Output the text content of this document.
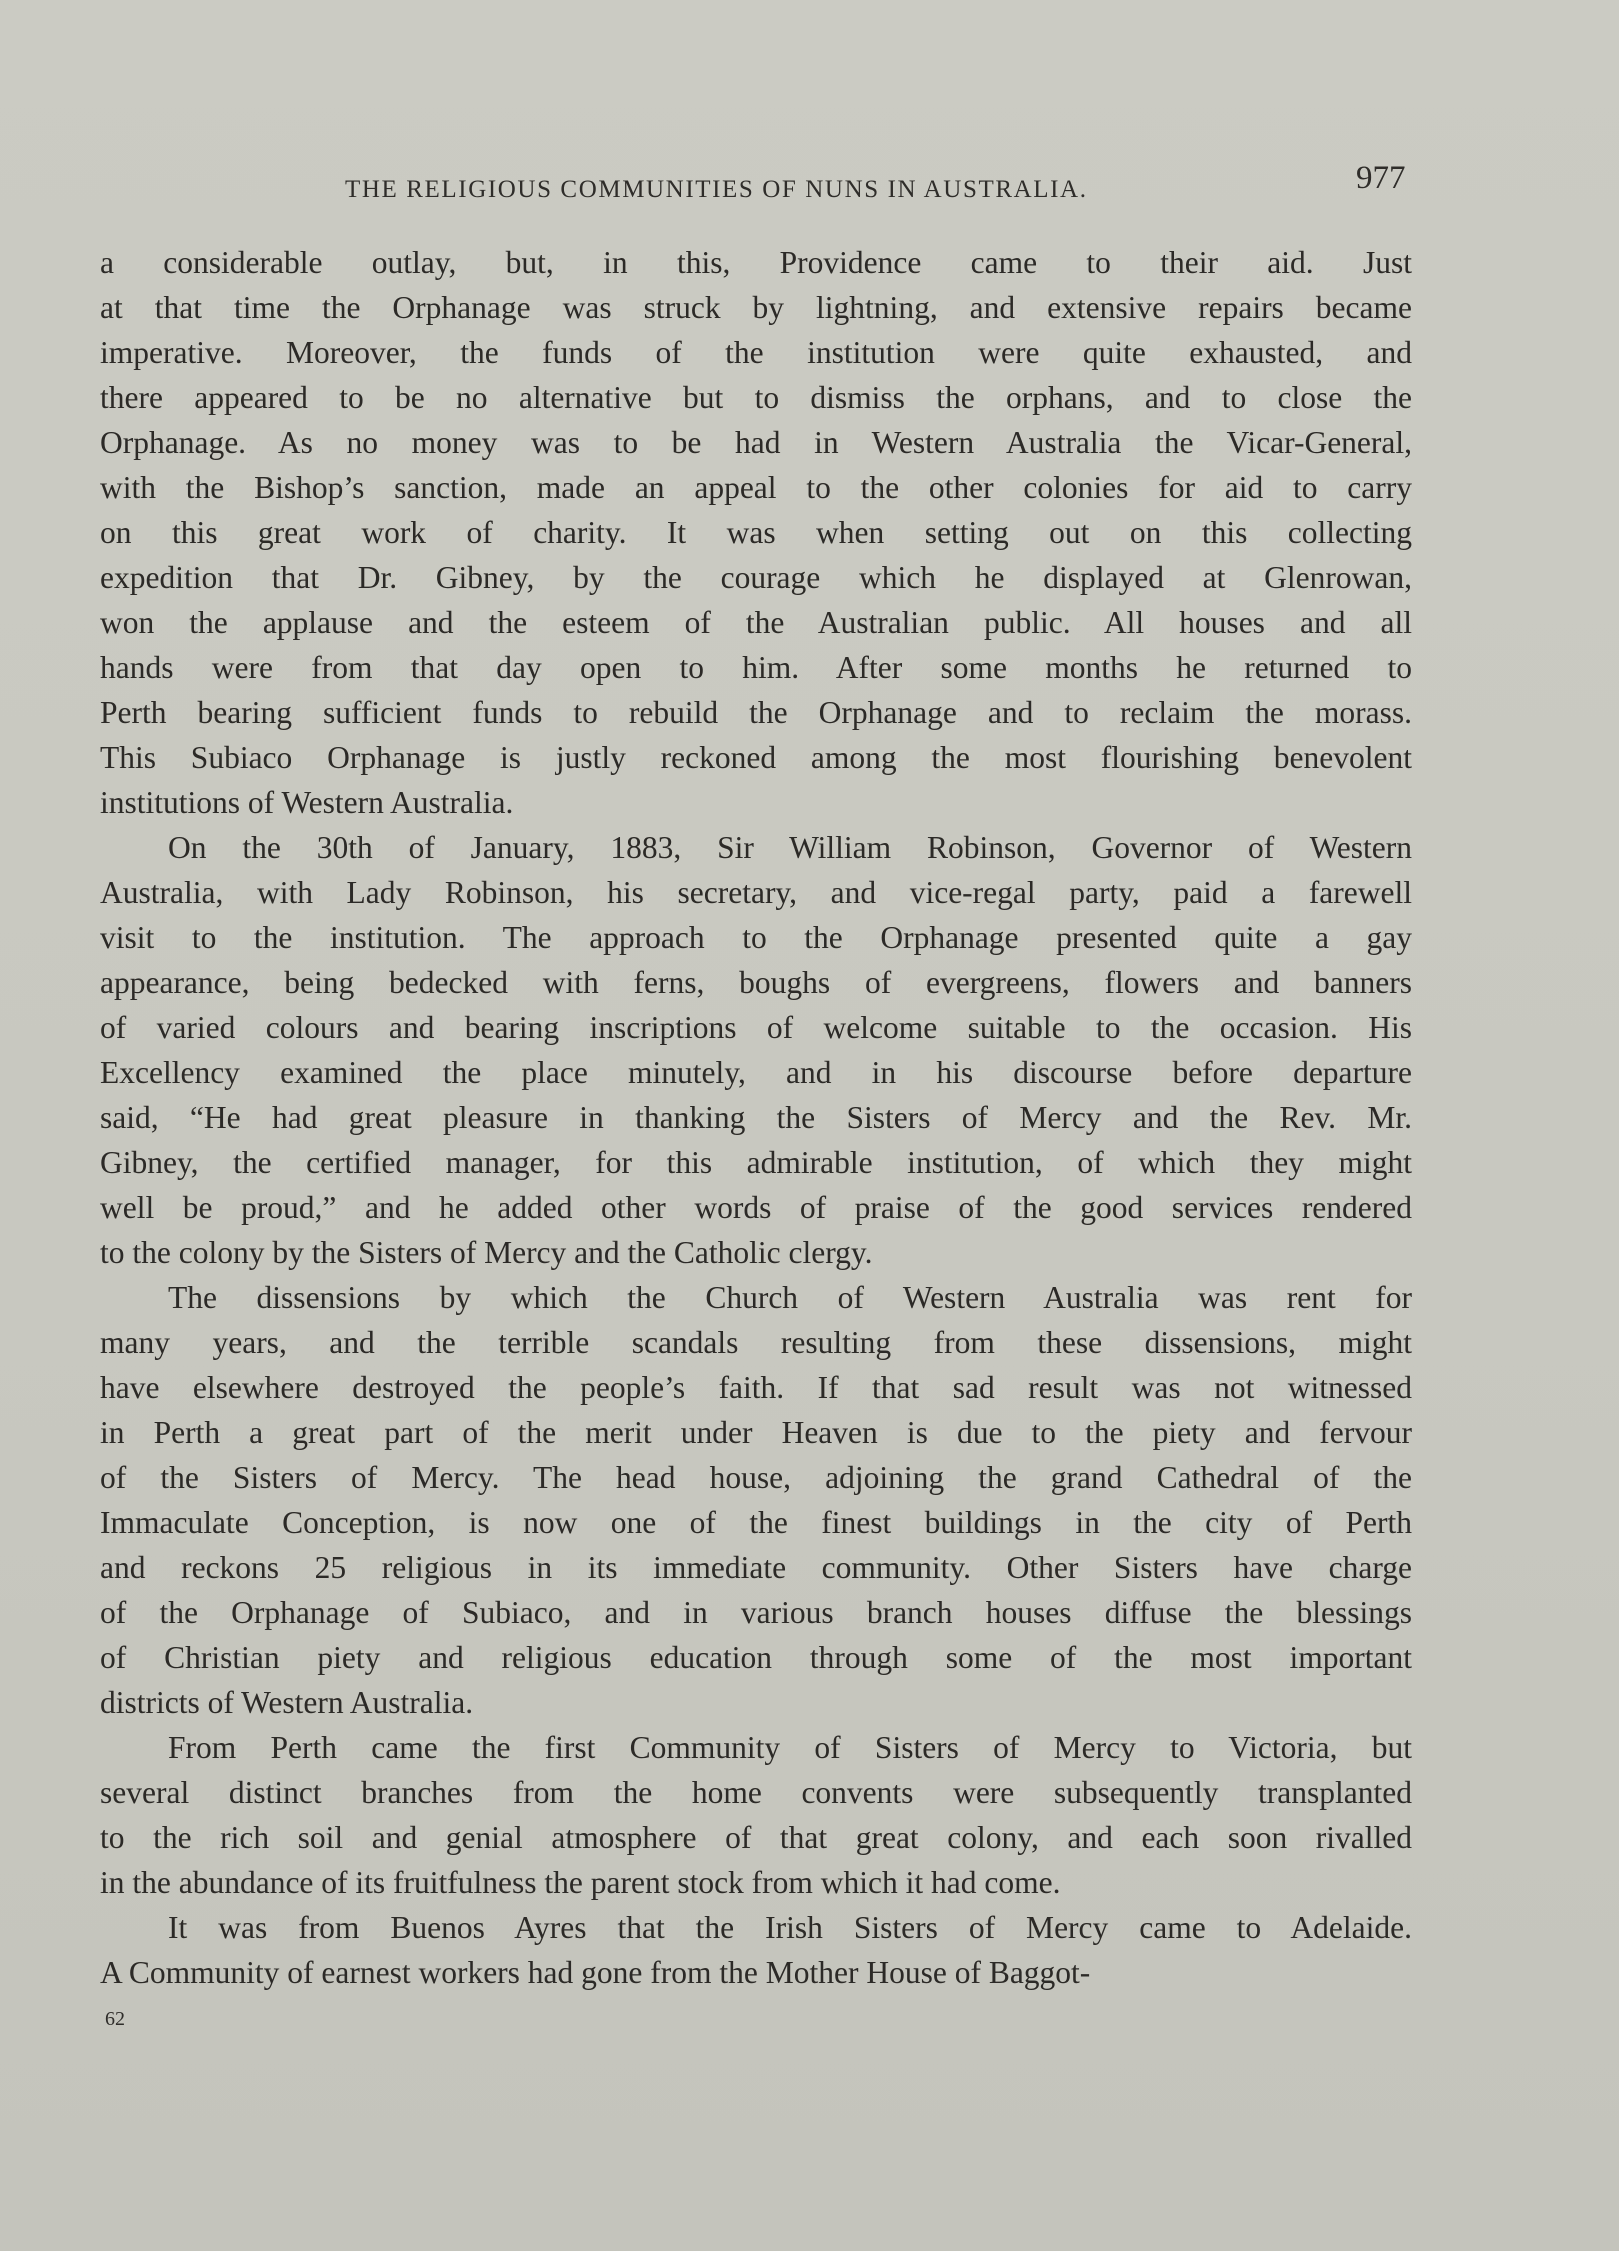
THE RELIGIOUS COMMUNITIES OF NUNS IN AUSTRALIA.	977

a considerable outlay, but, in this, Providence came to their aid. Just
at that time the Orphanage was struck by lightning, and extensive repairs became
imperative. Moreover, the funds of the institution were quite exhausted, and
there appeared to be no alternative but to dismiss the orphans, and to close the
Orphanage. As no money was to be had in Western Australia the Vicar-General,
with the Bishop’s sanction, made an appeal to the other colonies for aid to carry
on this great work of charity. It was when setting out on this collecting
expedition that Dr. Gibney, by the courage which he displayed at Glenrowan,
won the applause and the esteem of the Australian public. All houses and all
hands were from that day open to him. After some months he returned to
Perth bearing sufficient funds to rebuild the Orphanage and to reclaim the morass.
This Subiaco Orphanage is justly reckoned among the most flourishing benevolent
institutions of Western Australia.

On the 30th of January, 1883, Sir William Robinson, Governor of Western
Australia, with Lady Robinson, his secretary, and vice-regal party, paid a farewell
visit to the institution. The approach to the Orphanage presented quite a gay
appearance, being bedecked with ferns, boughs of evergreens, flowers and banners
of varied colours and bearing inscriptions of welcome suitable to the occasion. His
Excellency examined the place minutely, and in his discourse before departure
said, “He had great pleasure in thanking the Sisters of Mercy and the Rev. Mr.
Gibney, the certified manager, for this admirable institution, of which they might
well be proud,” and he added other words of praise of the good services rendered
to the colony by the Sisters of Mercy and the Catholic clergy.

The dissensions by which the Church of Western Australia was rent for
many years, and the terrible scandals resulting from these dissensions, might
have elsewhere destroyed the people’s faith. If that sad result was not witnessed
in Perth a great part of the merit under Heaven is due to the piety and fervour
of the Sisters of Mercy. The head house, adjoining the grand Cathedral of the
Immaculate Conception, is now one of the finest buildings in the city of Perth
and reckons 25 religious in its immediate community. Other Sisters have charge
of the Orphanage of Subiaco, and in various branch houses diffuse the blessings
of Christian piety and religious education through some of the most important
districts of Western Australia.

From Perth came the first Community of Sisters of Mercy to Victoria, but
several distinct branches from the home convents were subsequently transplanted
to the rich soil and genial atmosphere of that great colony, and each soon rivalled
in the abundance of its fruitfulness the parent stock from which it had come.

It was from Buenos Ayres that the Irish Sisters of Mercy came to Adelaide.
A Community of earnest workers had gone from the Mother House of Baggot-

62
